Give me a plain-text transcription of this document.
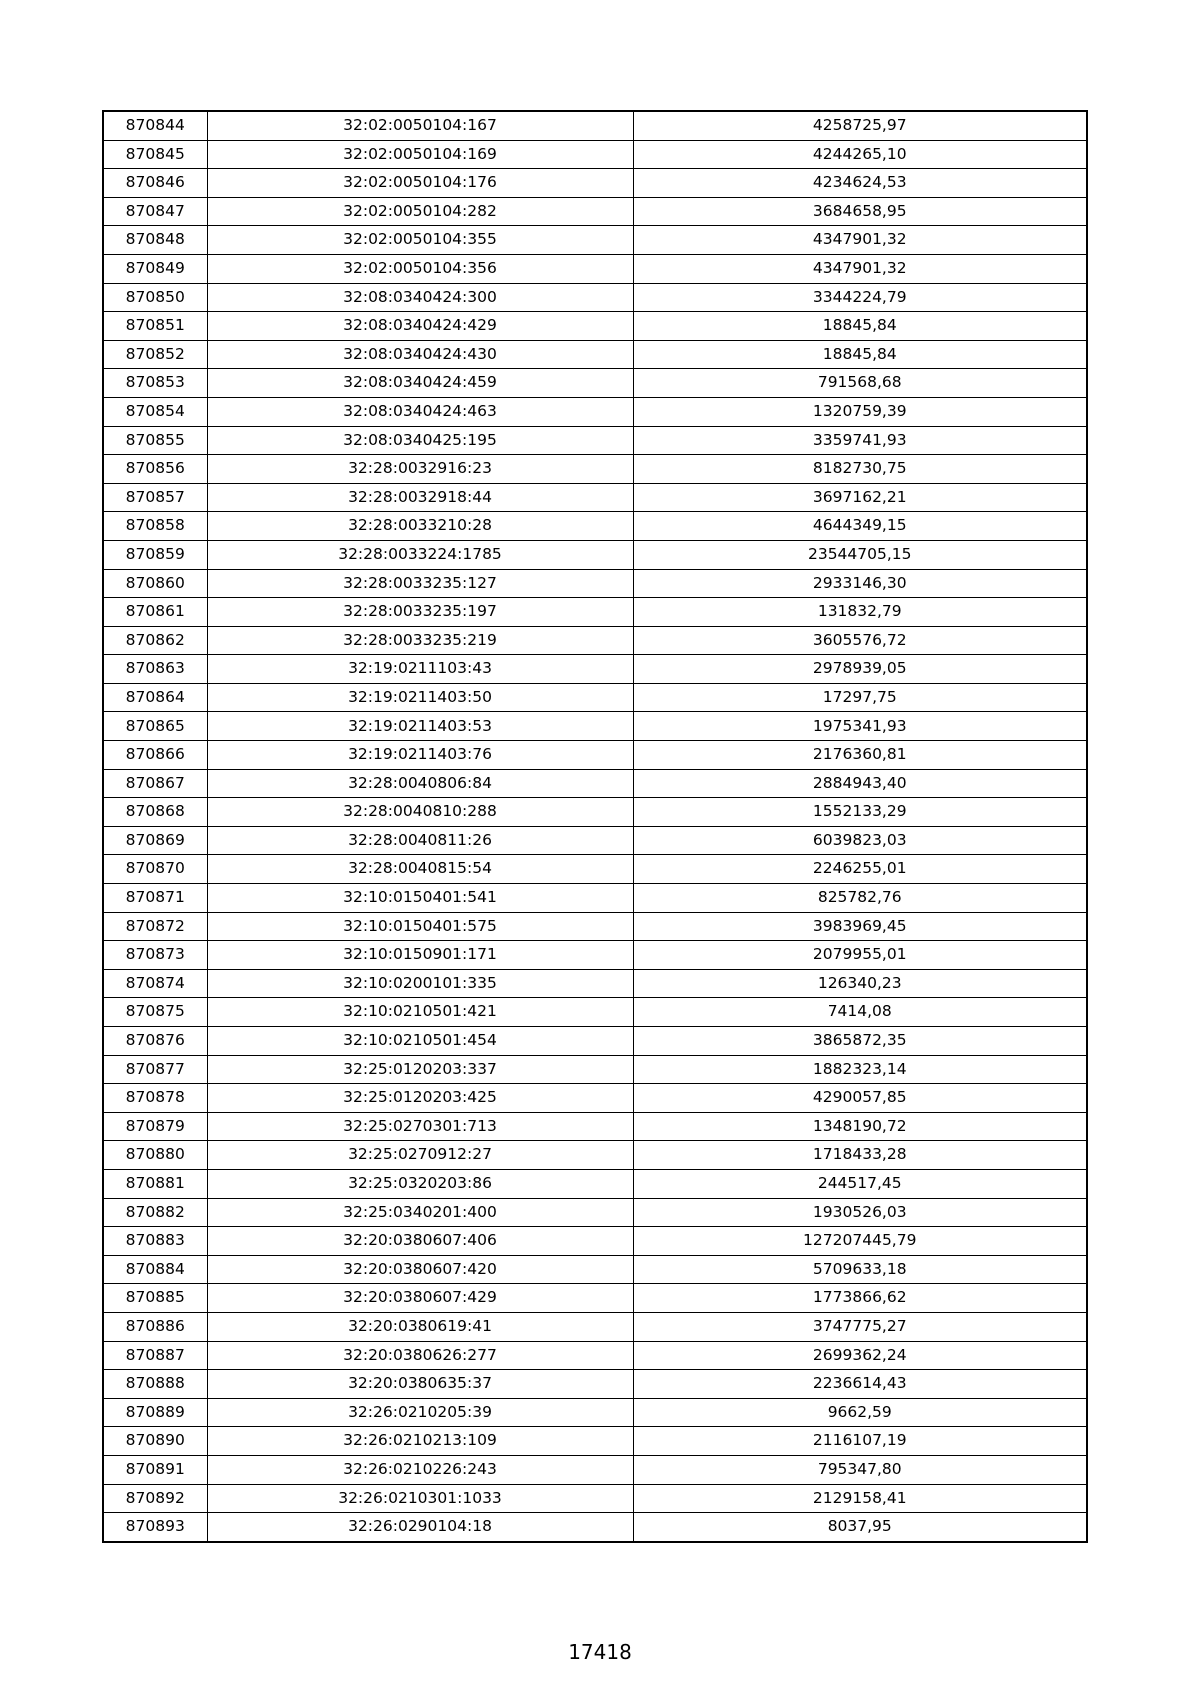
870844	32:02:0050104:167	4258725,97
870845	32:02:0050104:169	4244265,10
870846	32:02:0050104:176	4234624,53
870847	32:02:0050104:282	3684658,95
870848	32:02:0050104:355	4347901,32
870849	32:02:0050104:356	4347901,32
870850	32:08:0340424:300	3344224,79
870851	32:08:0340424:429	18845,84
870852	32:08:0340424:430	18845,84
870853	32:08:0340424:459	791568,68
870854	32:08:0340424:463	1320759,39
870855	32:08:0340425:195	3359741,93
870856	32:28:0032916:23	8182730,75
870857	32:28:0032918:44	3697162,21
870858	32:28:0033210:28	4644349,15
870859	32:28:0033224:1785	23544705,15
870860	32:28:0033235:127	2933146,30
870861	32:28:0033235:197	131832,79
870862	32:28:0033235:219	3605576,72
870863	32:19:0211103:43	2978939,05
870864	32:19:0211403:50	17297,75
870865	32:19:0211403:53	1975341,93
870866	32:19:0211403:76	2176360,81
870867	32:28:0040806:84	2884943,40
870868	32:28:0040810:288	1552133,29
870869	32:28:0040811:26	6039823,03
870870	32:28:0040815:54	2246255,01
870871	32:10:0150401:541	825782,76
870872	32:10:0150401:575	3983969,45
870873	32:10:0150901:171	2079955,01
870874	32:10:0200101:335	126340,23
870875	32:10:0210501:421	7414,08
870876	32:10:0210501:454	3865872,35
870877	32:25:0120203:337	1882323,14
870878	32:25:0120203:425	4290057,85
870879	32:25:0270301:713	1348190,72
870880	32:25:0270912:27	1718433,28
870881	32:25:0320203:86	244517,45
870882	32:25:0340201:400	1930526,03
870883	32:20:0380607:406	127207445,79
870884	32:20:0380607:420	5709633,18
870885	32:20:0380607:429	1773866,62
870886	32:20:0380619:41	3747775,27
870887	32:20:0380626:277	2699362,24
870888	32:20:0380635:37	2236614,43
870889	32:26:0210205:39	9662,59
870890	32:26:0210213:109	2116107,19
870891	32:26:0210226:243	795347,80
870892	32:26:0210301:1033	2129158,41
870893	32:26:0290104:18	8037,95
17418
